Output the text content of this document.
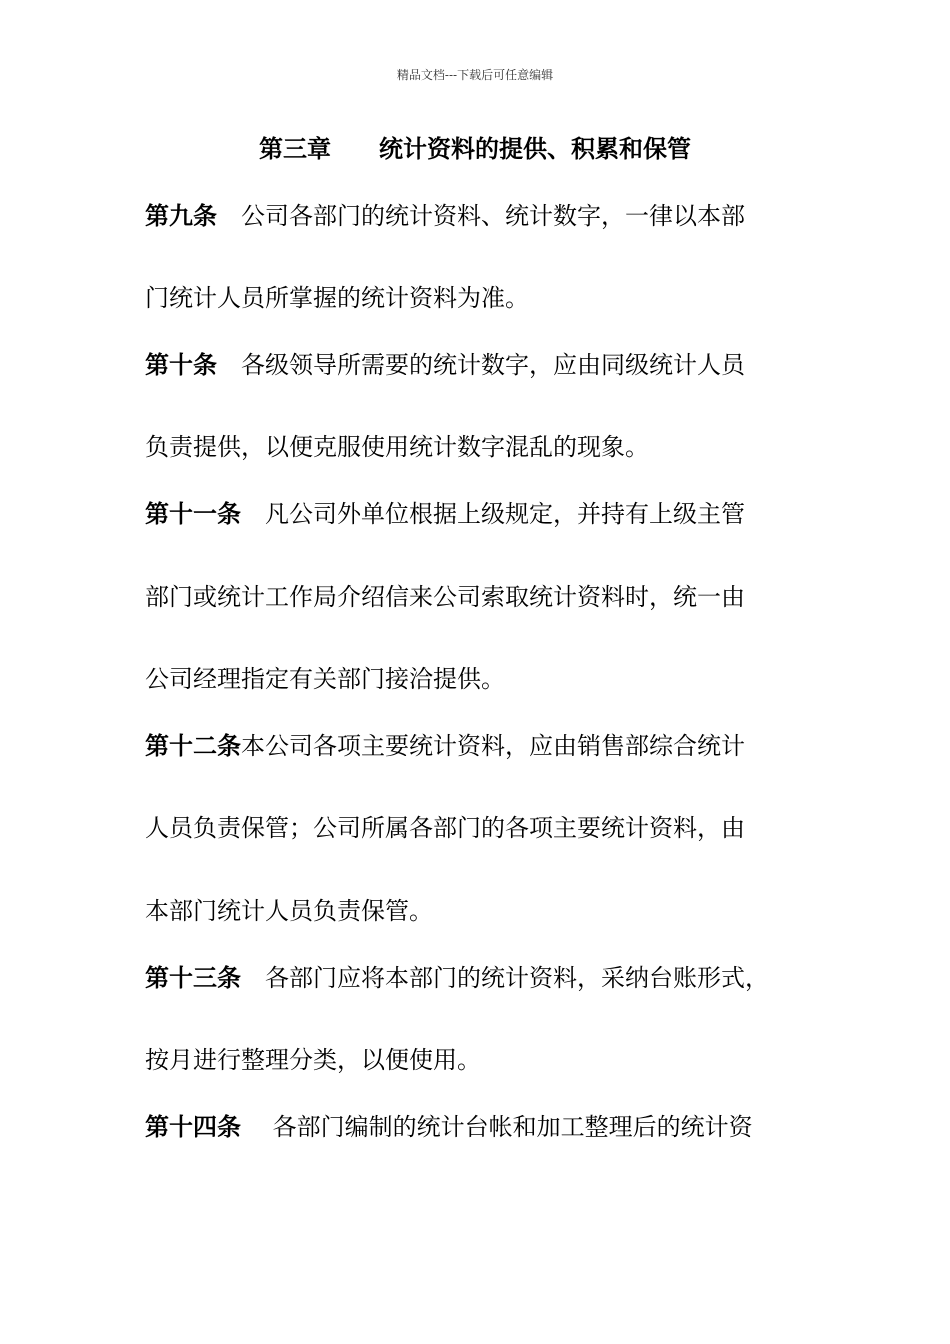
精品文档---下载后可任意编辑
第三章　　统计资料的提供、积累和保管
第九条　公司各部门的统计资料、统计数字，一律以本部
门统计人员所掌握的统计资料为准。
第十条　各级领导所需要的统计数字，应由同级统计人员
负责提供，以便克服使用统计数字混乱的现象。
第十一条　凡公司外单位根据上级规定，并持有上级主管
部门或统计工作局介绍信来公司索取统计资料时，统一由
公司经理指定有关部门接洽提供。
第十二条本公司各项主要统计资料，应由销售部综合统计
人员负责保管；公司所属各部门的各项主要统计资料，由
本部门统计人员负责保管。
第十三条　各部门应将本部门的统计资料，采纳台账形式，
按月进行整理分类，以便使用。
第十四条　 各部门编制的统计台帐和加工整理后的统计资
